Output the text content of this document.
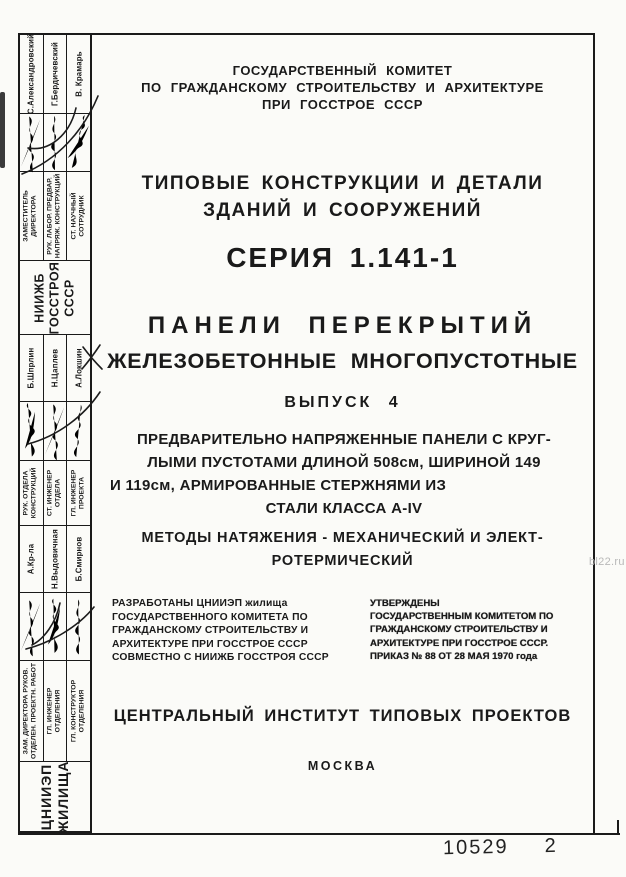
С.Александровский Г.Бердичевский В. Крамарь
ЗАМЕСТИТЕЛЬ ДИРЕКТОРА РУК. ЛАБОР. ПРЕДВАР. НАПРЯЖ. КОНСТРУКЦИЙ СТ. НАУЧНЫЙ СОТРУДНИК
НИИЖБ ГОССТРОЯ СССР
Б.Шпрлин Н.Цаплев А.Локшин
РУК. ОТДЕЛА КОНСТРУКЦИЙ СТ. ИНЖЕНЕР ОТДЕЛА ГЛ. ИНЖЕНЕР ПРОЕКТА
А.Кр-ла Н.Выдовичная Б.Смирнов
ЗАМ. ДИРЕКТОРА РУКОВ. ОТДЕЛЕН. ПРОЕКТН. РАБОТ ГЛ. ИНЖЕНЕР ОТДЕЛЕНИЯ ГЛ. КОНСТРУКТОР ОТДЕЛЕНИЯ
ЦНИИЭП ЖИЛИЩА
ГОСУДАРСТВЕННЫЙ КОМИТЕТ
ПО ГРАЖДАНСКОМУ СТРОИТЕЛЬСТВУ И АРХИТЕКТУРЕ
ПРИ ГОССТРОЕ СССР
ТИПОВЫЕ КОНСТРУКЦИИ И ДЕТАЛИ
ЗДАНИЙ И СООРУЖЕНИЙ
СЕРИЯ 1.141-1
ПАНЕЛИ ПЕРЕКРЫТИЙ
ЖЕЛЕЗОБЕТОННЫЕ МНОГОПУСТОТНЫЕ
ВЫПУСК 4
ПРЕДВАРИТЕЛЬНО НАПРЯЖЕННЫЕ ПАНЕЛИ С КРУГ-
ЛЫМИ ПУСТОТАМИ ДЛИНОЙ 508см, ШИРИНОЙ 149
И 119см, АРМИРОВАННЫЕ СТЕРЖНЯМИ ИЗ
СТАЛИ КЛАССА А-IV
МЕТОДЫ НАТЯЖЕНИЯ - МЕХАНИЧЕСКИЙ И ЭЛЕКТ-
РОТЕРМИЧЕСКИЙ
РАЗРАБОТАНЫ ЦНИИЭП жилища
ГОСУДАРСТВЕННОГО КОМИТЕТА ПО
ГРАЖДАНСКОМУ СТРОИТЕЛЬСТВУ И
АРХИТЕКТУРЕ ПРИ ГОССТРОЕ СССР
СОВМЕСТНО С НИИЖБ ГОССТРОЯ СССР
УТВЕРЖДЕНЫ
ГОСУДАРСТВЕННЫМ КОМИТЕТОМ ПО
ГРАЖДАНСКОМУ СТРОИТЕЛЬСТВУ И
АРХИТЕКТУРЕ ПРИ ГОССТРОЕ СССР.
ПРИКАЗ № 88 ОТ 28 МАЯ 1970 года
ЦЕНТРАЛЬНЫЙ ИНСТИТУТ ТИПОВЫХ ПРОЕКТОВ
МОСКВА
10529 2
bl22.ru
